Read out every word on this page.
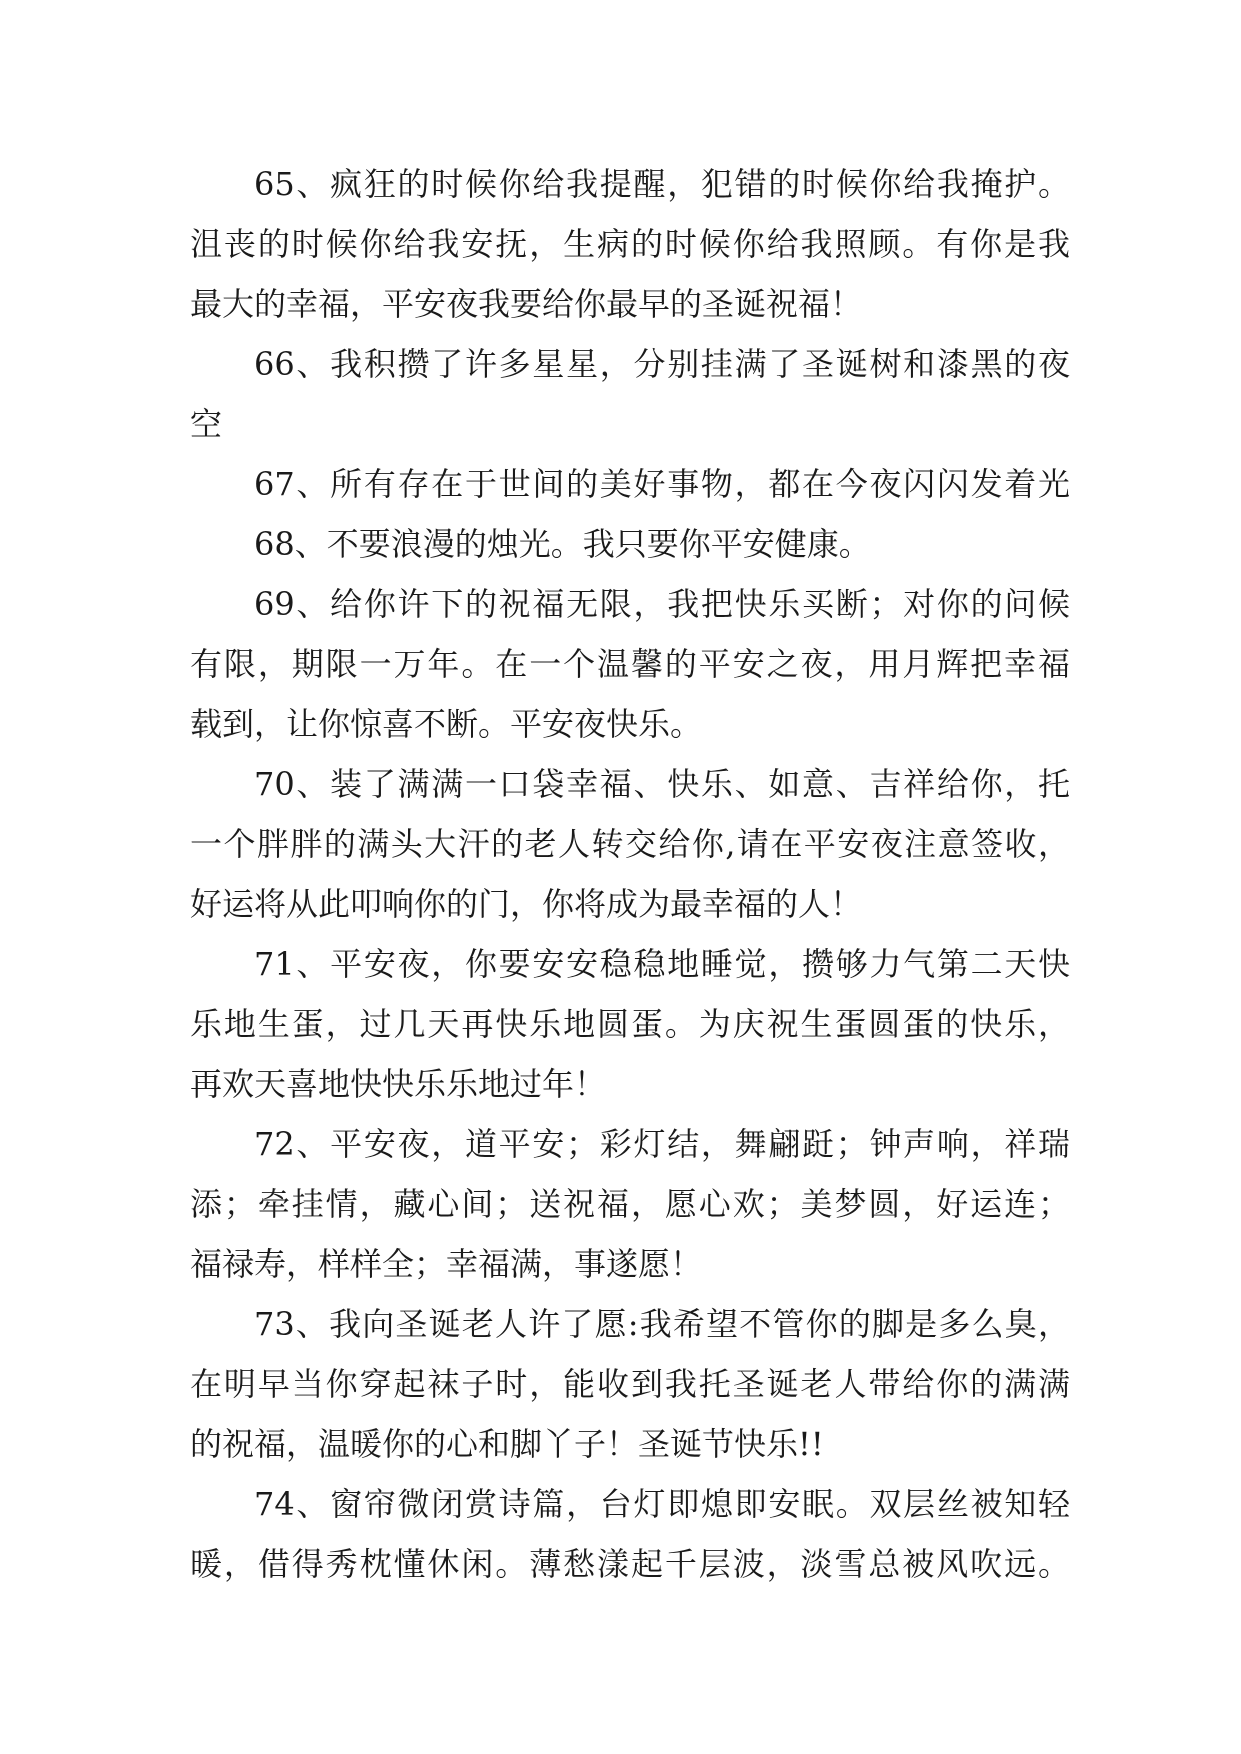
65、疯狂的时候你给我提醒，犯错的时候你给我掩护。
沮丧的时候你给我安抚，生病的时候你给我照顾。有你是我
最大的幸福，平安夜我要给你最早的圣诞祝福！
66、我积攒了许多星星，分别挂满了圣诞树和漆黑的夜
空
67、所有存在于世间的美好事物，都在今夜闪闪发着光
68、不要浪漫的烛光。我只要你平安健康。
69、给你许下的祝福无限，我把快乐买断；对你的问候
有限，期限一万年。在一个温馨的平安之夜，用月辉把幸福
载到，让你惊喜不断。平安夜快乐。
70、装了满满一口袋幸福、快乐、如意、吉祥给你，托
一个胖胖的满头大汗的老人转交给你,请在平安夜注意签收，
好运将从此叩响你的门，你将成为最幸福的人！
71、平安夜，你要安安稳稳地睡觉，攒够力气第二天快
乐地生蛋，过几天再快乐地圆蛋。为庆祝生蛋圆蛋的快乐，
再欢天喜地快快乐乐地过年！
72、平安夜，道平安；彩灯结，舞翩跹；钟声响，祥瑞
添；牵挂情，藏心间；送祝福，愿心欢；美梦圆，好运连；
福禄寿，样样全；幸福满，事遂愿！
73、我向圣诞老人许了愿:我希望不管你的脚是多么臭，
在明早当你穿起袜子时，能收到我托圣诞老人带给你的满满
的祝福，温暖你的心和脚丫子！圣诞节快乐!!
74、窗帘微闭赏诗篇，台灯即熄即安眠。双层丝被知轻
暖，借得秀枕懂休闲。薄愁漾起千层波，淡雪总被风吹远。
